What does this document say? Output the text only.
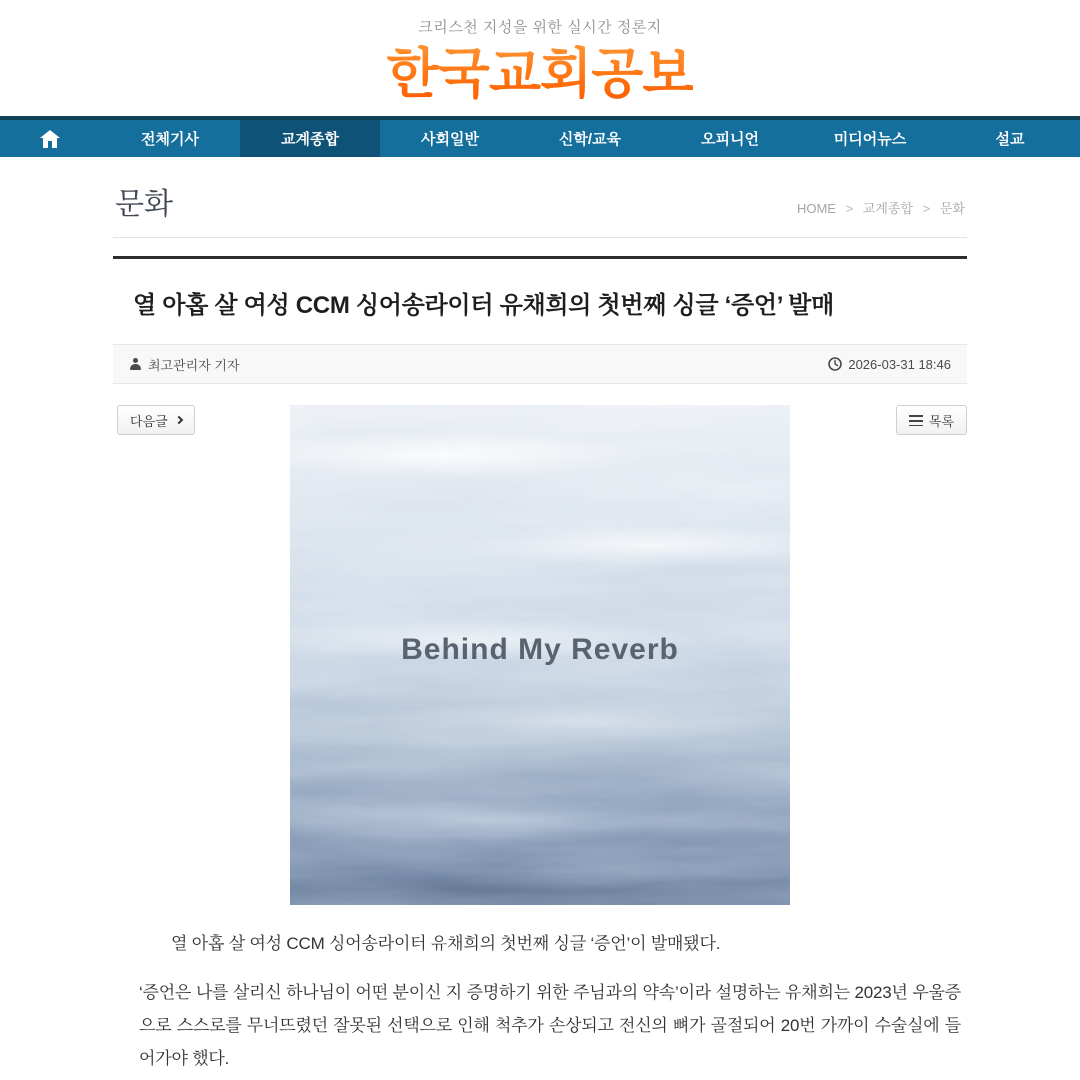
크리스천 지성을 위한 실시간 정론지
한국교회공보
전체기사	교계종합	사회일반	신학/교육	오피니언	미디어뉴스	설교
문화	HOME > 교계종합 > 문화
열 아홉 살 여성 CCM 싱어송라이터 유채희의 첫번째 싱글 ‘증언’ 발매
최고관리자 기자	2026-03-31 18:46
다음글	목록
Behind My Reverb

열 아홉 살 여성 CCM 싱어송라이터 유채희의 첫번째 싱글 ‘증언’이 발매됐다.

‘증언은 나를 살리신 하나님이 어떤 분이신 지 증명하기 위한 주님과의 약속’이라 설명하는 유채희는 2023년 우울증으로 스스로를 무너뜨렸던 잘못된 선택으로 인해 척추가 손상되고 전신의 뼈가 골절되어 20번 가까이 수술실에 들어가야 했다.
